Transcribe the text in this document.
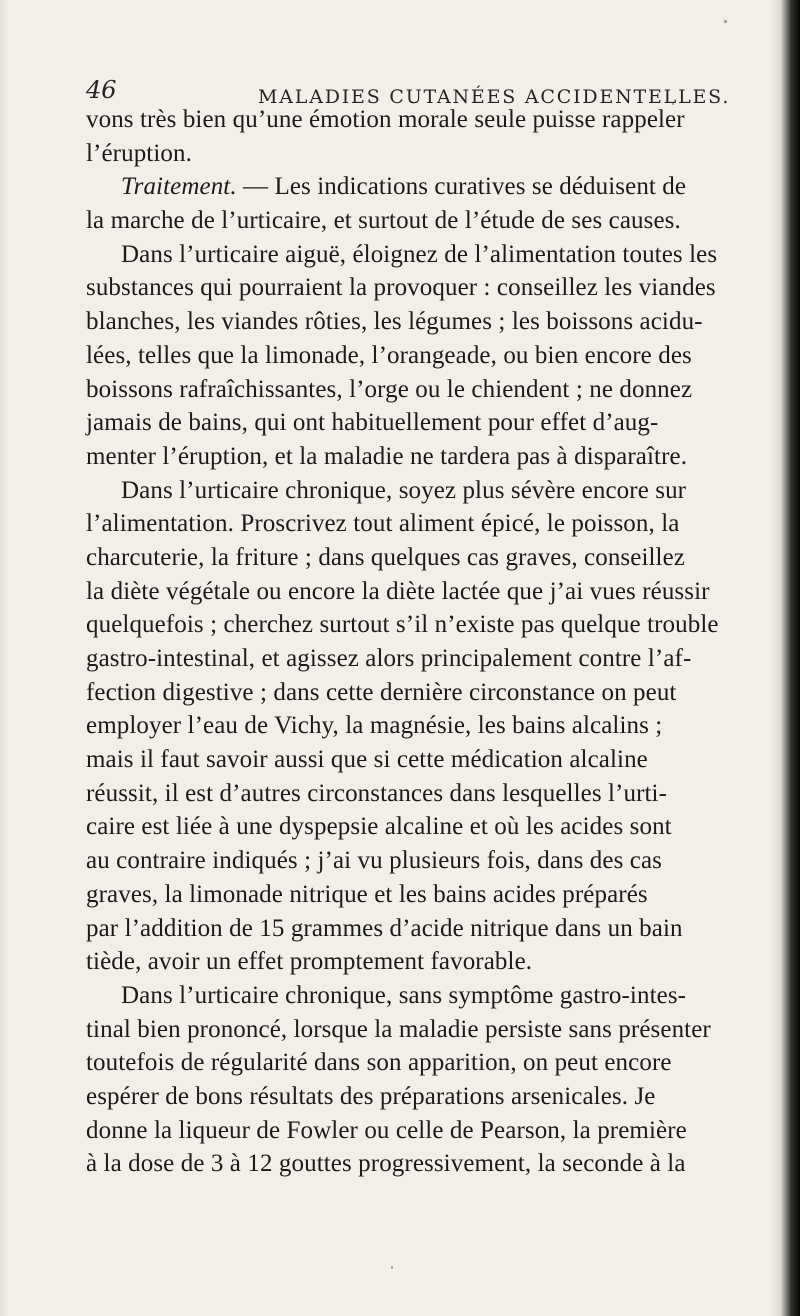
46	MALADIES CUTANÉES ACCIDENTELLES.
vons très bien qu’une émotion morale seule puisse rappeler
l’éruption.
Traitement. — Les indications curatives se déduisent de
la marche de l’urticaire, et surtout de l’étude de ses causes.
Dans l’urticaire aiguë, éloignez de l’alimentation toutes les
substances qui pourraient la provoquer : conseillez les viandes
blanches, les viandes rôties, les légumes ; les boissons acidu-
lées, telles que la limonade, l’orangeade, ou bien encore des
boissons rafraîchissantes, l’orge ou le chiendent ; ne donnez
jamais de bains, qui ont habituellement pour effet d’aug-
menter l’éruption, et la maladie ne tardera pas à disparaître.
Dans l’urticaire chronique, soyez plus sévère encore sur
l’alimentation. Proscrivez tout aliment épicé, le poisson, la
charcuterie, la friture ; dans quelques cas graves, conseillez
la diète végétale ou encore la diète lactée que j’ai vues réussir
quelquefois ; cherchez surtout s’il n’existe pas quelque trouble
gastro-intestinal, et agissez alors principalement contre l’af-
fection digestive ; dans cette dernière circonstance on peut
employer l’eau de Vichy, la magnésie, les bains alcalins ;
mais il faut savoir aussi que si cette médication alcaline
réussit, il est d’autres circonstances dans lesquelles l’urti-
caire est liée à une dyspepsie alcaline et où les acides sont
au contraire indiqués ; j’ai vu plusieurs fois, dans des cas
graves, la limonade nitrique et les bains acides préparés
par l’addition de 15 grammes d’acide nitrique dans un bain
tiède, avoir un effet promptement favorable.
Dans l’urticaire chronique, sans symptôme gastro-intes-
tinal bien prononcé, lorsque la maladie persiste sans présenter
toutefois de régularité dans son apparition, on peut encore
espérer de bons résultats des préparations arsenicales. Je
donne la liqueur de Fowler ou celle de Pearson, la première
à la dose de 3 à 12 gouttes progressivement, la seconde à la
